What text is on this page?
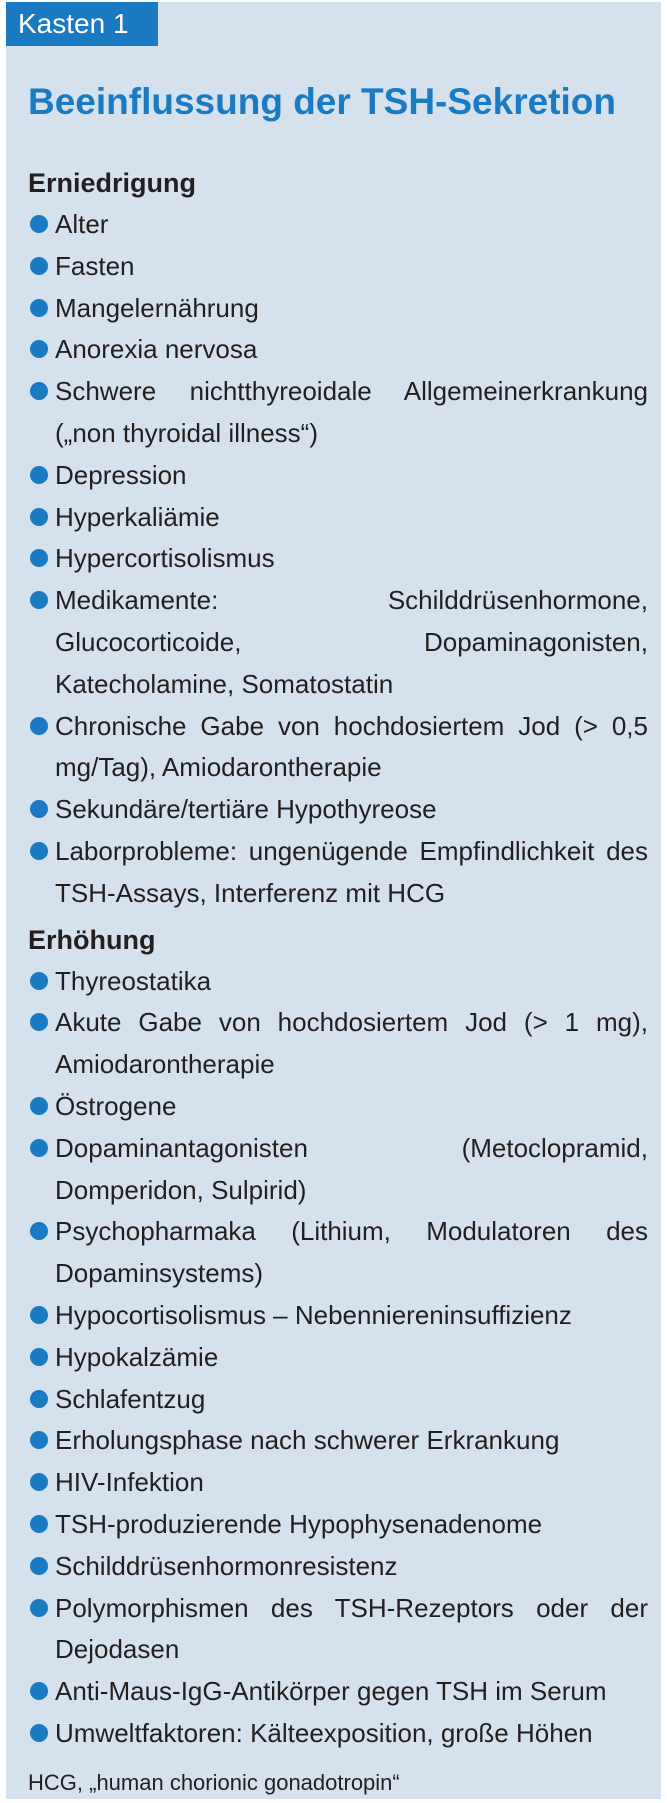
Kasten 1
Beeinflussung der TSH-Sekretion
Erniedrigung
Alter
Fasten
Mangelernährung
Anorexia nervosa
Schwere nichtthyreoidale Allgemeinerkrankung („non thyroidal illness“)
Depression
Hyperkaliämie
Hypercortisolismus
Medikamente: Schilddrüsenhormone, Glucocorticoide, Dopaminagonisten, Katecholamine, Somatostatin
Chronische Gabe von hochdosiertem Jod (> 0,5 mg/Tag), Amiodarontherapie
Sekundäre/tertiäre Hypothyreose
Laborprobleme: ungenügende Empfindlichkeit des TSH-Assays, Interferenz mit HCG
Erhöhung
Thyreostatika
Akute Gabe von hochdosiertem Jod (> 1 mg), Amiodarontherapie
Östrogene
Dopaminantagonisten (Metoclopramid, Domperidon, Sulpirid)
Psychopharmaka (Lithium, Modulatoren des Dopaminsystems)
Hypocortisolismus – Nebenniereninsuffizienz
Hypokalzämie
Schlafentzug
Erholungsphase nach schwerer Erkrankung
HIV-Infektion
TSH-produzierende Hypophysenadenome
Schilddrüsenhormonresistenz
Polymorphismen des TSH-Rezeptors oder der Dejodasen
Anti-Maus-IgG-Antikörper gegen TSH im Serum
Umweltfaktoren: Kälteexposition, große Höhen
HCG, „human chorionic gonadotropin“
